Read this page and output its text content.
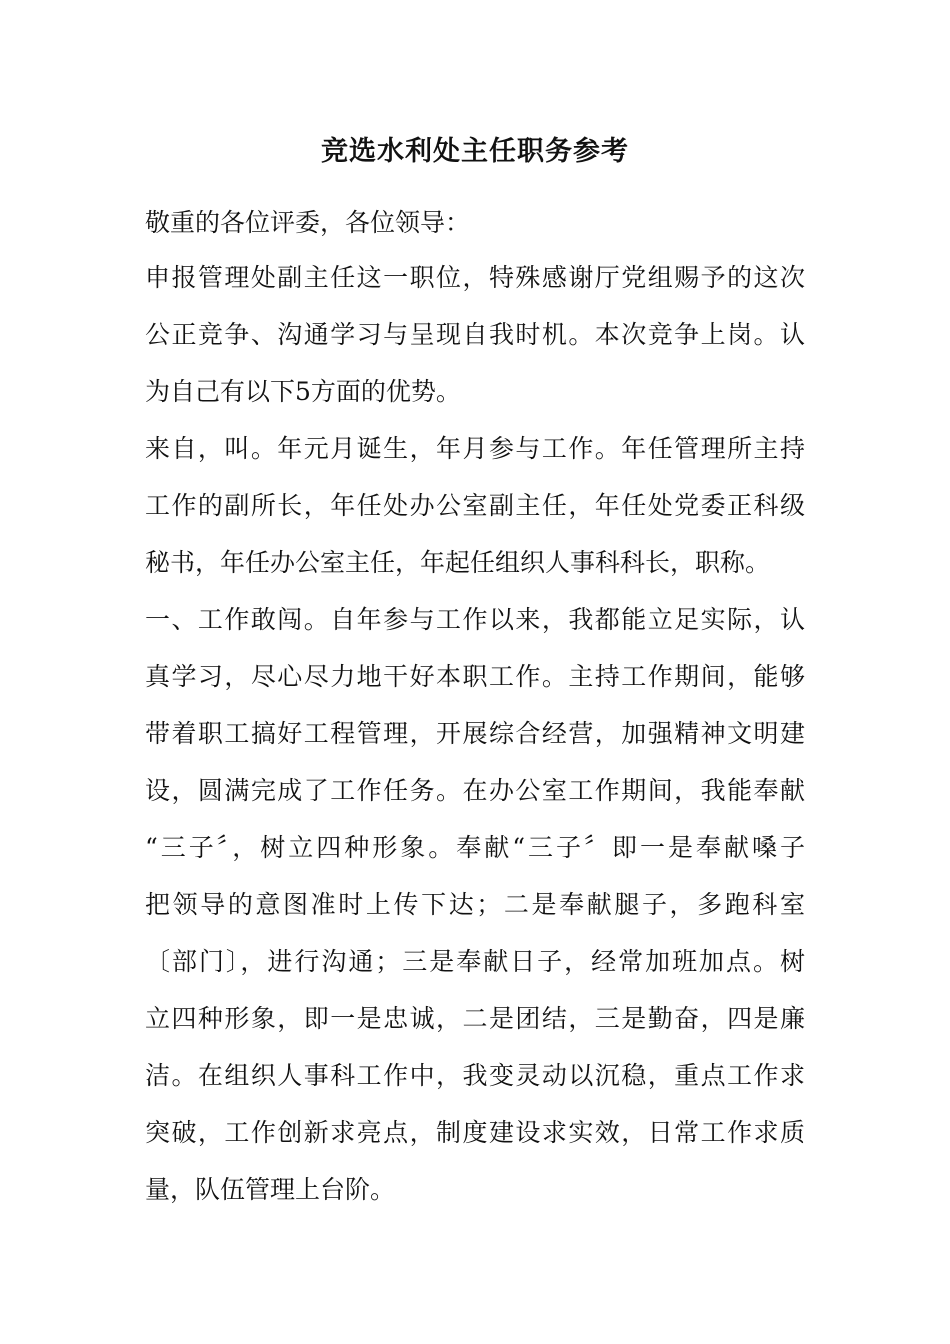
竞选水利处主任职务参考
敬重的各位评委，各位领导：
申报管理处副主任这一职位，特殊感谢厅党组赐予的这次
公正竞争、沟通学习与呈现自我时机。本次竞争上岗。认
为自己有以下5方面的优势。
来自，叫。年元月诞生，年月参与工作。年任管理所主持
工作的副所长，年任处办公室副主任，年任处党委正科级
秘书，年任办公室主任，年起任组织人事科科长，职称。
一、工作敢闯。自年参与工作以来，我都能立足实际，认
真学习，尽心尽力地干好本职工作。主持工作期间，能够
带着职工搞好工程管理，开展综合经营，加强精神文明建
设，圆满完成了工作任务。在办公室工作期间，我能奉献
“三子〞，树立四种形象。奉献“三子〞即一是奉献嗓子
把领导的意图准时上传下达；二是奉献腿子，多跑科室
〔部门〕，进行沟通；三是奉献日子，经常加班加点。树
立四种形象，即一是忠诚，二是团结，三是勤奋，四是廉
洁。在组织人事科工作中，我变灵动以沉稳，重点工作求
突破，工作创新求亮点，制度建设求实效，日常工作求质
量，队伍管理上台阶。
